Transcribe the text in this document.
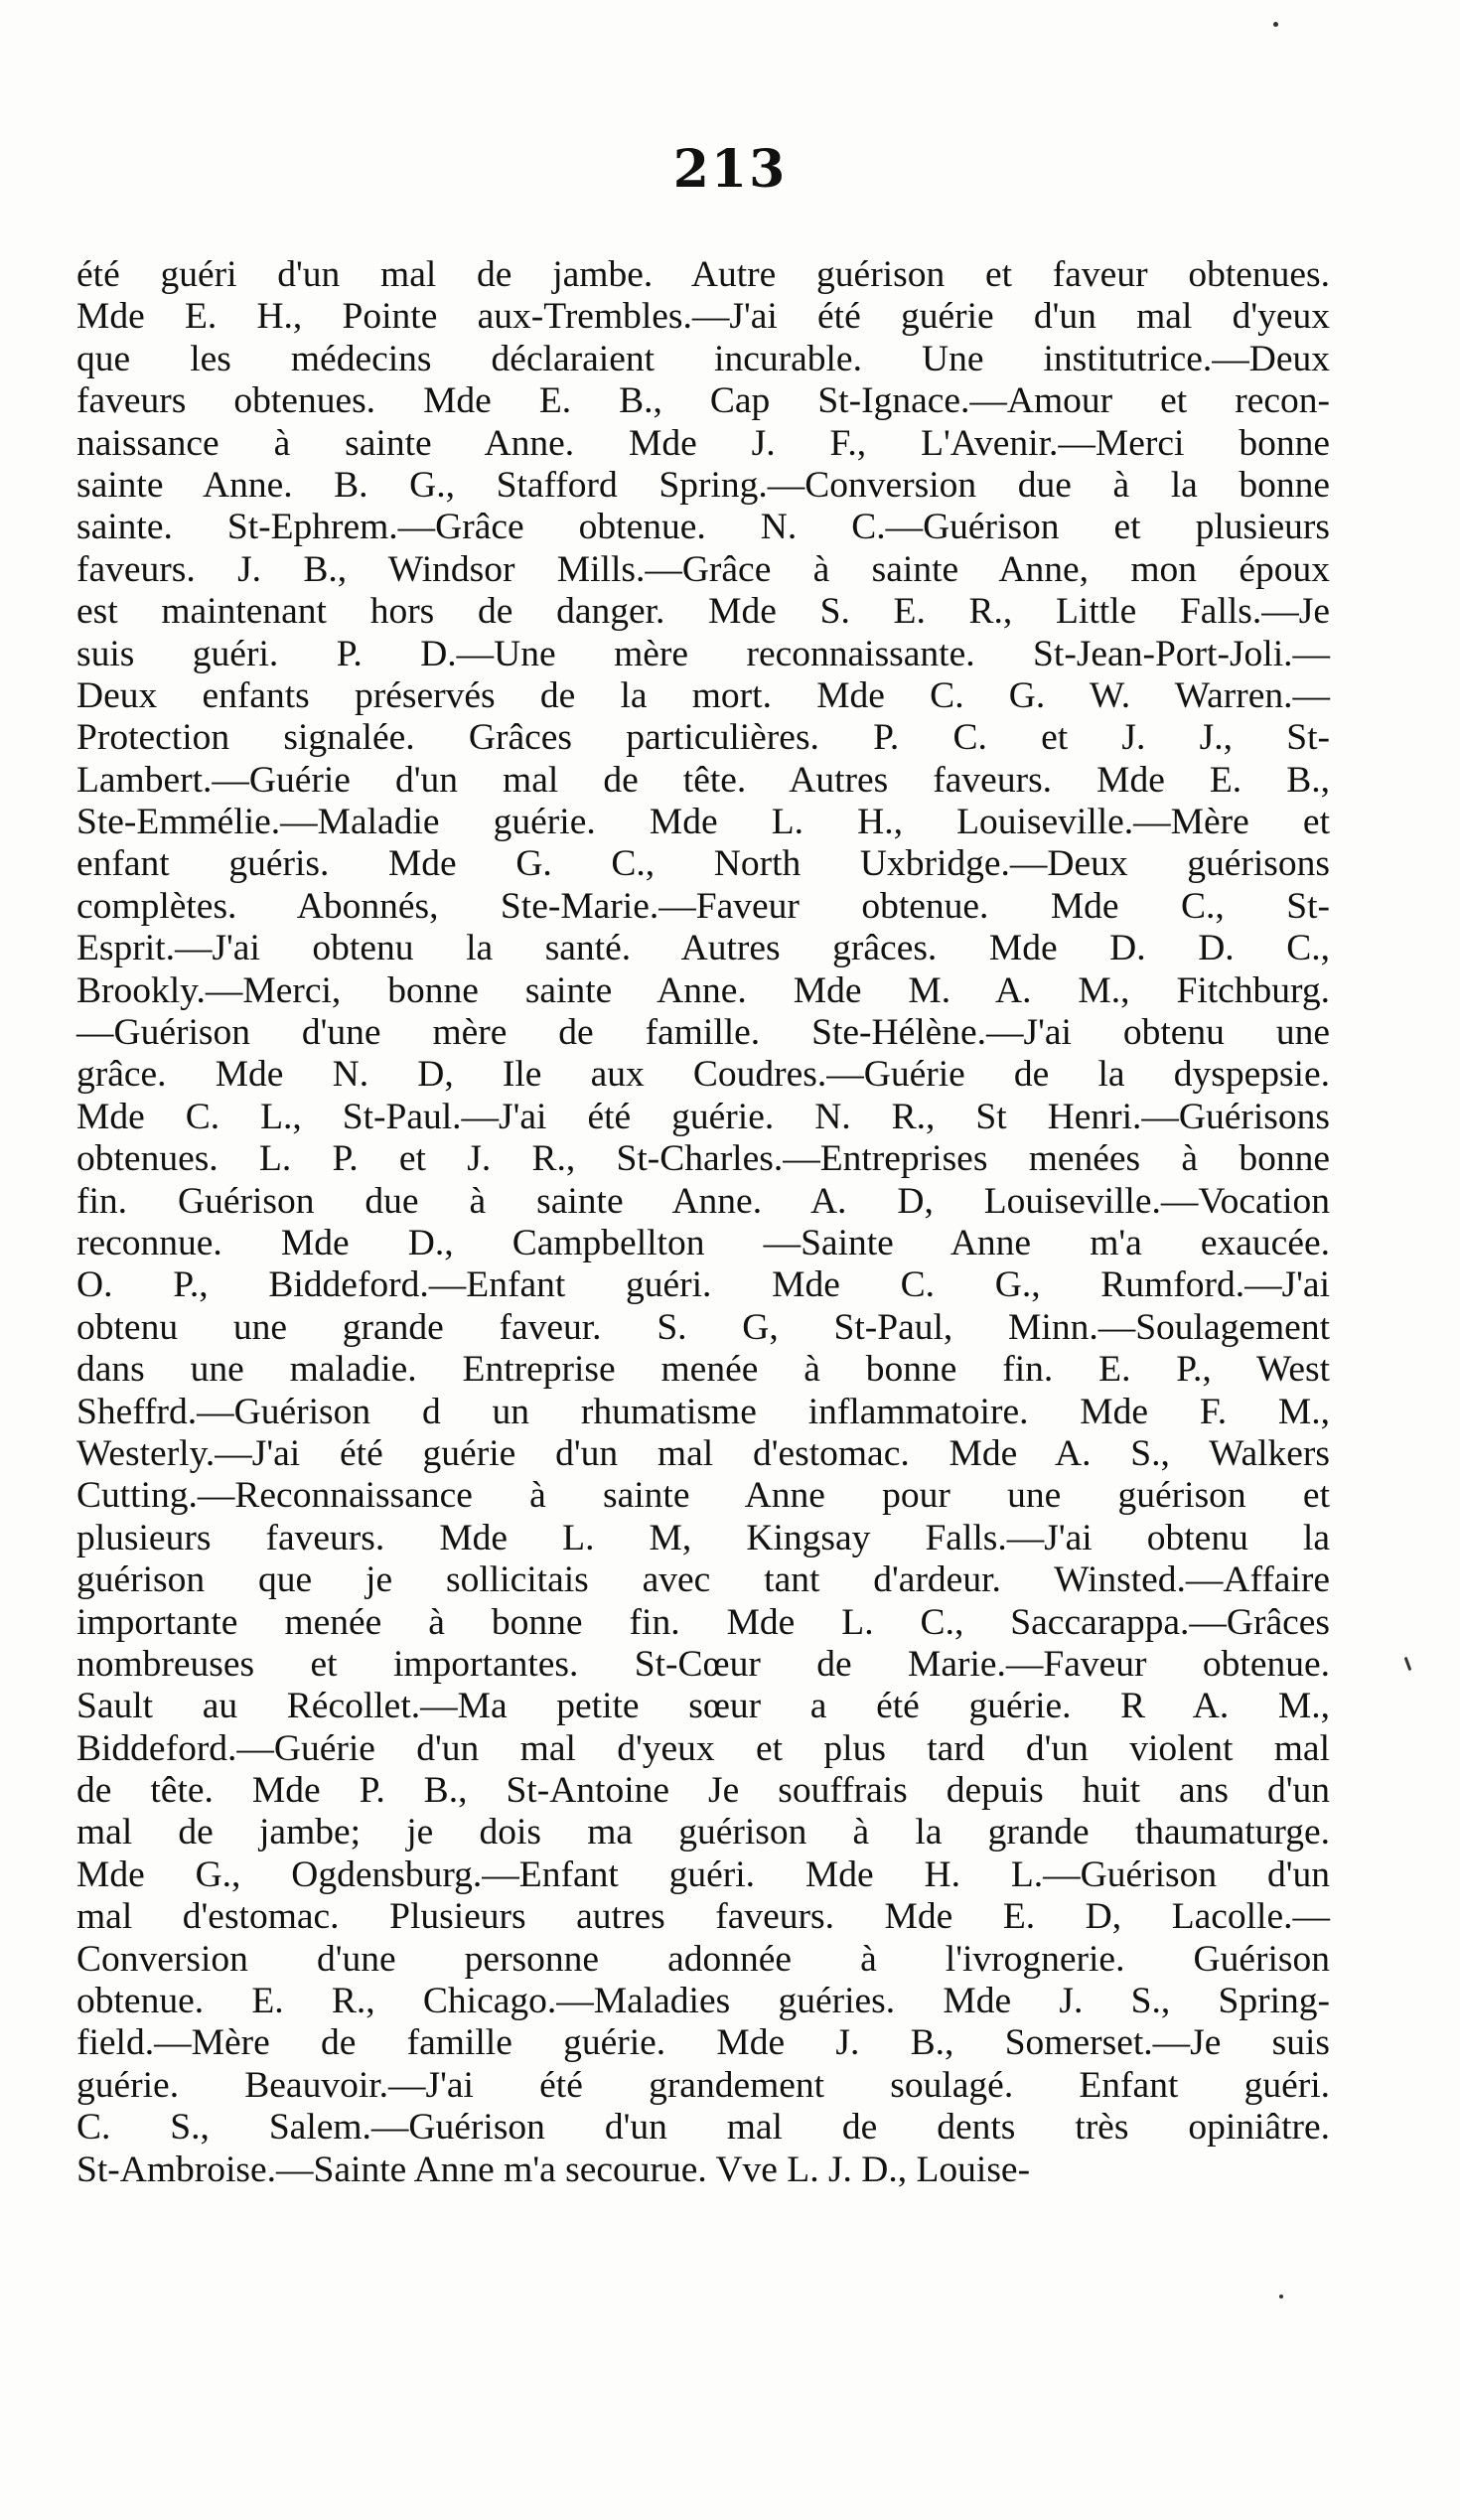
213
été guéri d'un mal de jambe. Autre guérison et faveur obtenues.
Mde E. H., Pointe aux-Trembles.—J'ai été guérie d'un mal d'yeux
que les médecins déclaraient incurable. Une institutrice.—Deux
faveurs obtenues. Mde E. B., Cap St-Ignace.—Amour et recon-
naissance à sainte Anne. Mde J. F., L'Avenir.—Merci bonne
sainte Anne. B. G., Stafford Spring.—Conversion due à la bonne
sainte. St-Ephrem.—Grâce obtenue. N. C.—Guérison et plusieurs
faveurs. J. B., Windsor Mills.—Grâce à sainte Anne, mon époux
est maintenant hors de danger. Mde S. E. R., Little Falls.—Je
suis guéri. P. D.—Une mère reconnaissante. St-Jean-Port-Joli.—
Deux enfants préservés de la mort. Mde C. G. W. Warren.—
Protection signalée. Grâces particulières. P. C. et J. J., St-
Lambert.—Guérie d'un mal de tête. Autres faveurs. Mde E. B.,
Ste-Emmélie.—Maladie guérie. Mde L. H., Louiseville.—Mère et
enfant guéris. Mde G. C., North Uxbridge.—Deux guérisons
complètes. Abonnés, Ste-Marie.—Faveur obtenue. Mde C., St-
Esprit.—J'ai obtenu la santé. Autres grâces. Mde D. D. C.,
Brookly.—Merci, bonne sainte Anne. Mde M. A. M., Fitchburg.
—Guérison d'une mère de famille. Ste-Hélène.—J'ai obtenu une
grâce. Mde N. D, Ile aux Coudres.—Guérie de la dyspepsie.
Mde C. L., St-Paul.—J'ai été guérie. N. R., St Henri.—Guérisons
obtenues. L. P. et J. R., St-Charles.—Entreprises menées à bonne
fin. Guérison due à sainte Anne. A. D, Louiseville.—Vocation
reconnue. Mde D., Campbellton —Sainte Anne m'a exaucée.
O. P., Biddeford.—Enfant guéri. Mde C. G., Rumford.—J'ai
obtenu une grande faveur. S. G, St-Paul, Minn.—Soulagement
dans une maladie. Entreprise menée à bonne fin. E. P., West
Sheffrd.—Guérison d un rhumatisme inflammatoire. Mde F. M.,
Westerly.—J'ai été guérie d'un mal d'estomac. Mde A. S., Walkers
Cutting.—Reconnaissance à sainte Anne pour une guérison et
plusieurs faveurs. Mde L. M, Kingsay Falls.—J'ai obtenu la
guérison que je sollicitais avec tant d'ardeur. Winsted.—Affaire
importante menée à bonne fin. Mde L. C., Saccarappa.—Grâces
nombreuses et importantes. St-Cœur de Marie.—Faveur obtenue.
Sault au Récollet.—Ma petite sœur a été guérie. R A. M.,
Biddeford.—Guérie d'un mal d'yeux et plus tard d'un violent mal
de tête. Mde P. B., St-Antoine Je souffrais depuis huit ans d'un
mal de jambe; je dois ma guérison à la grande thaumaturge.
Mde G., Ogdensburg.—Enfant guéri. Mde H. L.—Guérison d'un
mal d'estomac. Plusieurs autres faveurs. Mde E. D, Lacolle.—
Conversion d'une personne adonnée à l'ivrognerie. Guérison
obtenue. E. R., Chicago.—Maladies guéries. Mde J. S., Spring-
field.—Mère de famille guérie. Mde J. B., Somerset.—Je suis
guérie. Beauvoir.—J'ai été grandement soulagé. Enfant guéri.
C. S., Salem.—Guérison d'un mal de dents très opiniâtre.
St-Ambroise.—Sainte Anne m'a secourue. Vve L. J. D., Louise-
